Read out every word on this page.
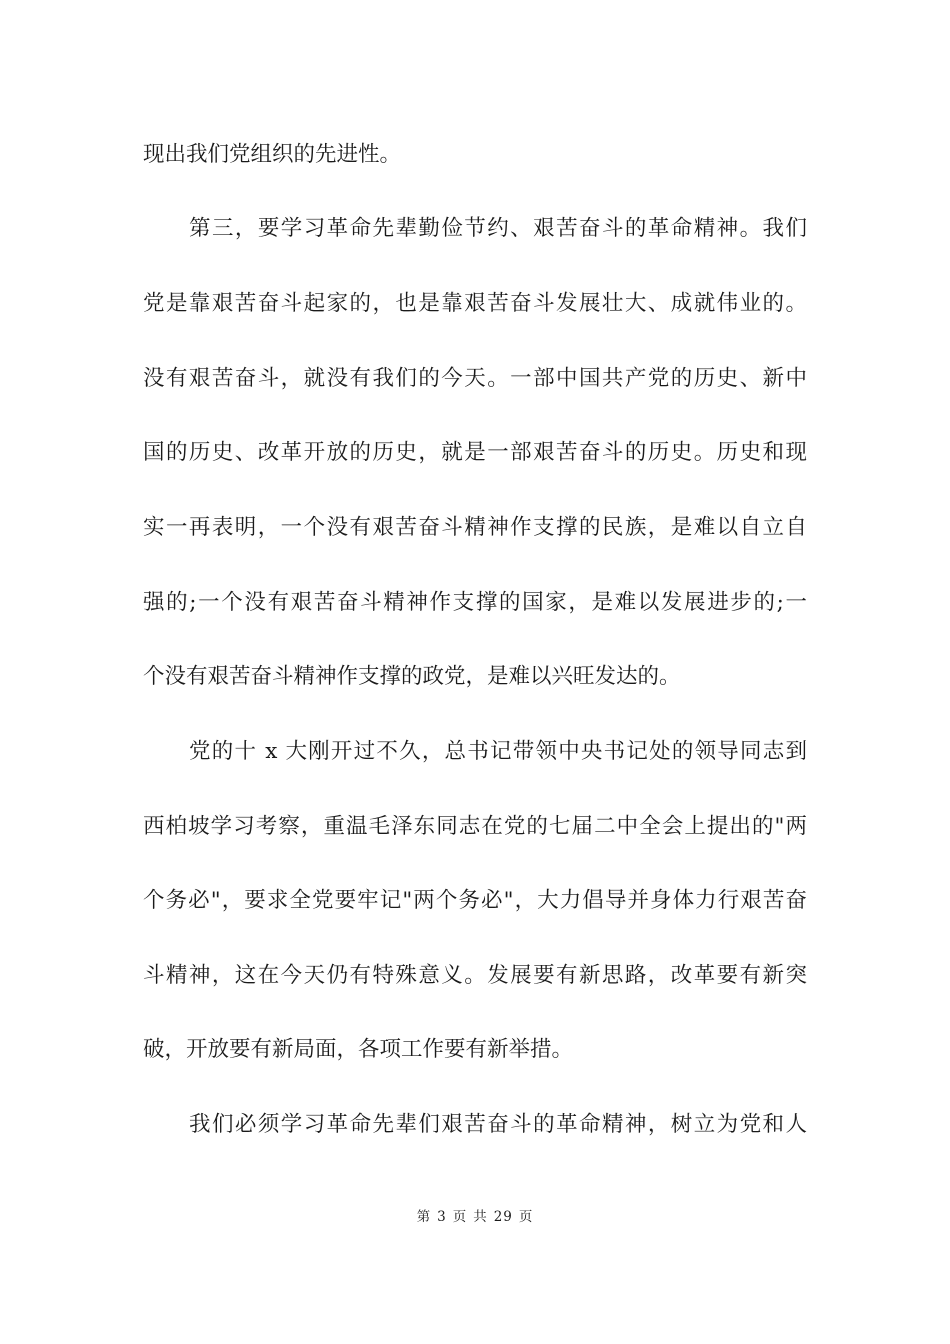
现出我们党组织的先进性。
第三，要学习革命先辈勤俭节约、艰苦奋斗的革命精神。我们
党是靠艰苦奋斗起家的，也是靠艰苦奋斗发展壮大、成就伟业的。
没有艰苦奋斗，就没有我们的今天。一部中国共产党的历史、新中
国的历史、改革开放的历史，就是一部艰苦奋斗的历史。历史和现
实一再表明，一个没有艰苦奋斗精神作支撑的民族，是难以自立自
强的;一个没有艰苦奋斗精神作支撑的国家，是难以发展进步的;一
个没有艰苦奋斗精神作支撑的政党，是难以兴旺发达的。
党的十 x 大刚开过不久，总书记带领中央书记处的领导同志到
西柏坡学习考察，重温毛泽东同志在党的七届二中全会上提出的"两
个务必"，要求全党要牢记"两个务必"，大力倡导并身体力行艰苦奋
斗精神，这在今天仍有特殊意义。发展要有新思路，改革要有新突
破，开放要有新局面，各项工作要有新举措。
我们必须学习革命先辈们艰苦奋斗的革命精神，树立为党和人
第 3 页 共 29 页
